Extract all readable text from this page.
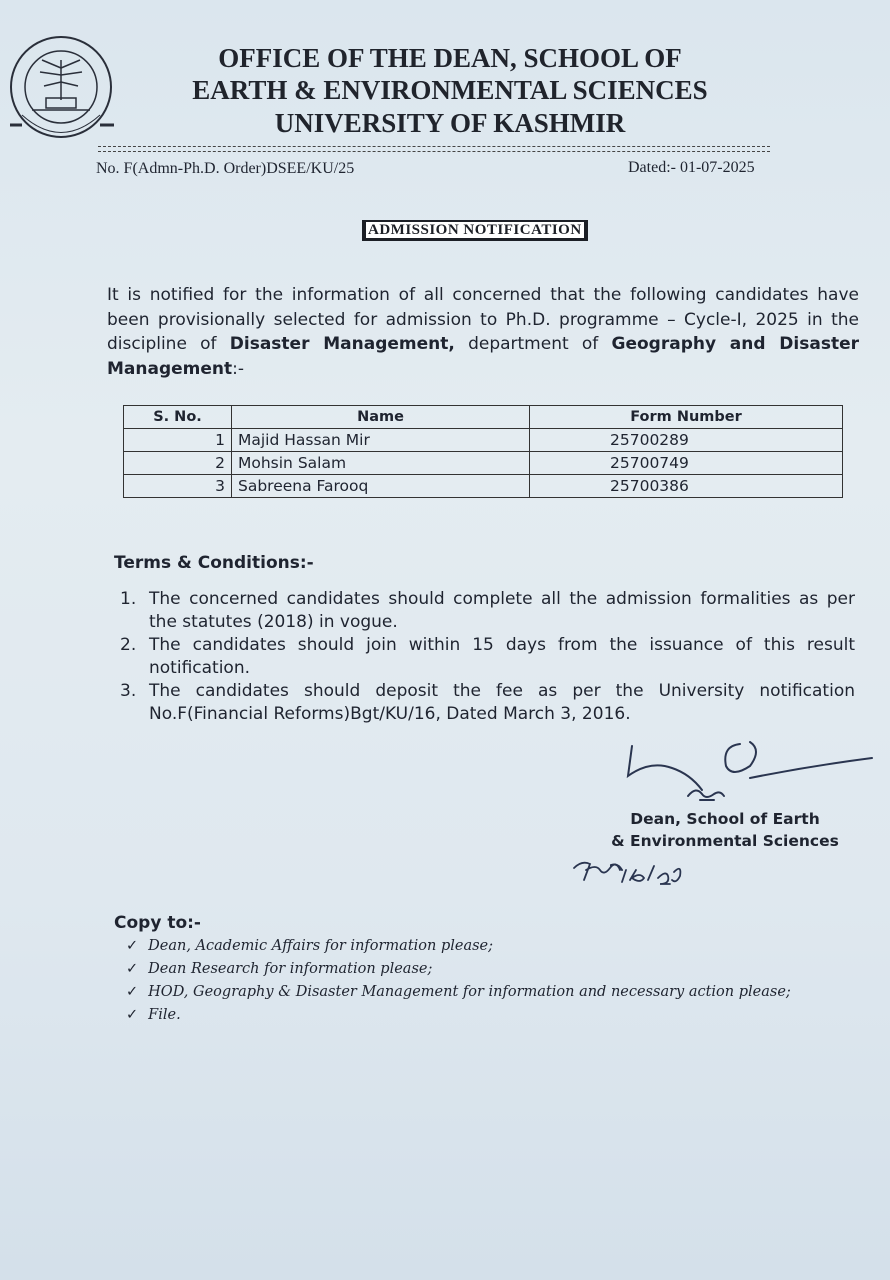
OFFICE OF THE DEAN, SCHOOL OF
EARTH & ENVIRONMENTAL SCIENCES
UNIVERSITY OF KASHMIR
No. F(Admn-Ph.D. Order)DSEE/KU/25	Dated:- 01-07-2025
ADMISSION NOTIFICATION
It is notified for the information of all concerned that the following candidates have been provisionally selected for admission to Ph.D. programme – Cycle-I, 2025 in the discipline of Disaster Management, department of Geography and Disaster Management:-
S. No.	Name	Form Number
1	Majid Hassan Mir	25700289
2	Mohsin Salam	25700749
3	Sabreena Farooq	25700386
Terms & Conditions:-
1. The concerned candidates should complete all the admission formalities as per the statutes (2018) in vogue.
2. The candidates should join within 15 days from the issuance of this result notification.
3. The candidates should deposit the fee as per the University notification No.F(Financial Reforms)Bgt/KU/16, Dated March 3, 2016.
Dean, School of Earth
& Environmental Sciences
Copy to:-
✓ Dean, Academic Affairs for information please;
✓ Dean Research for information please;
✓ HOD, Geography & Disaster Management for information and necessary action please;
✓ File.
